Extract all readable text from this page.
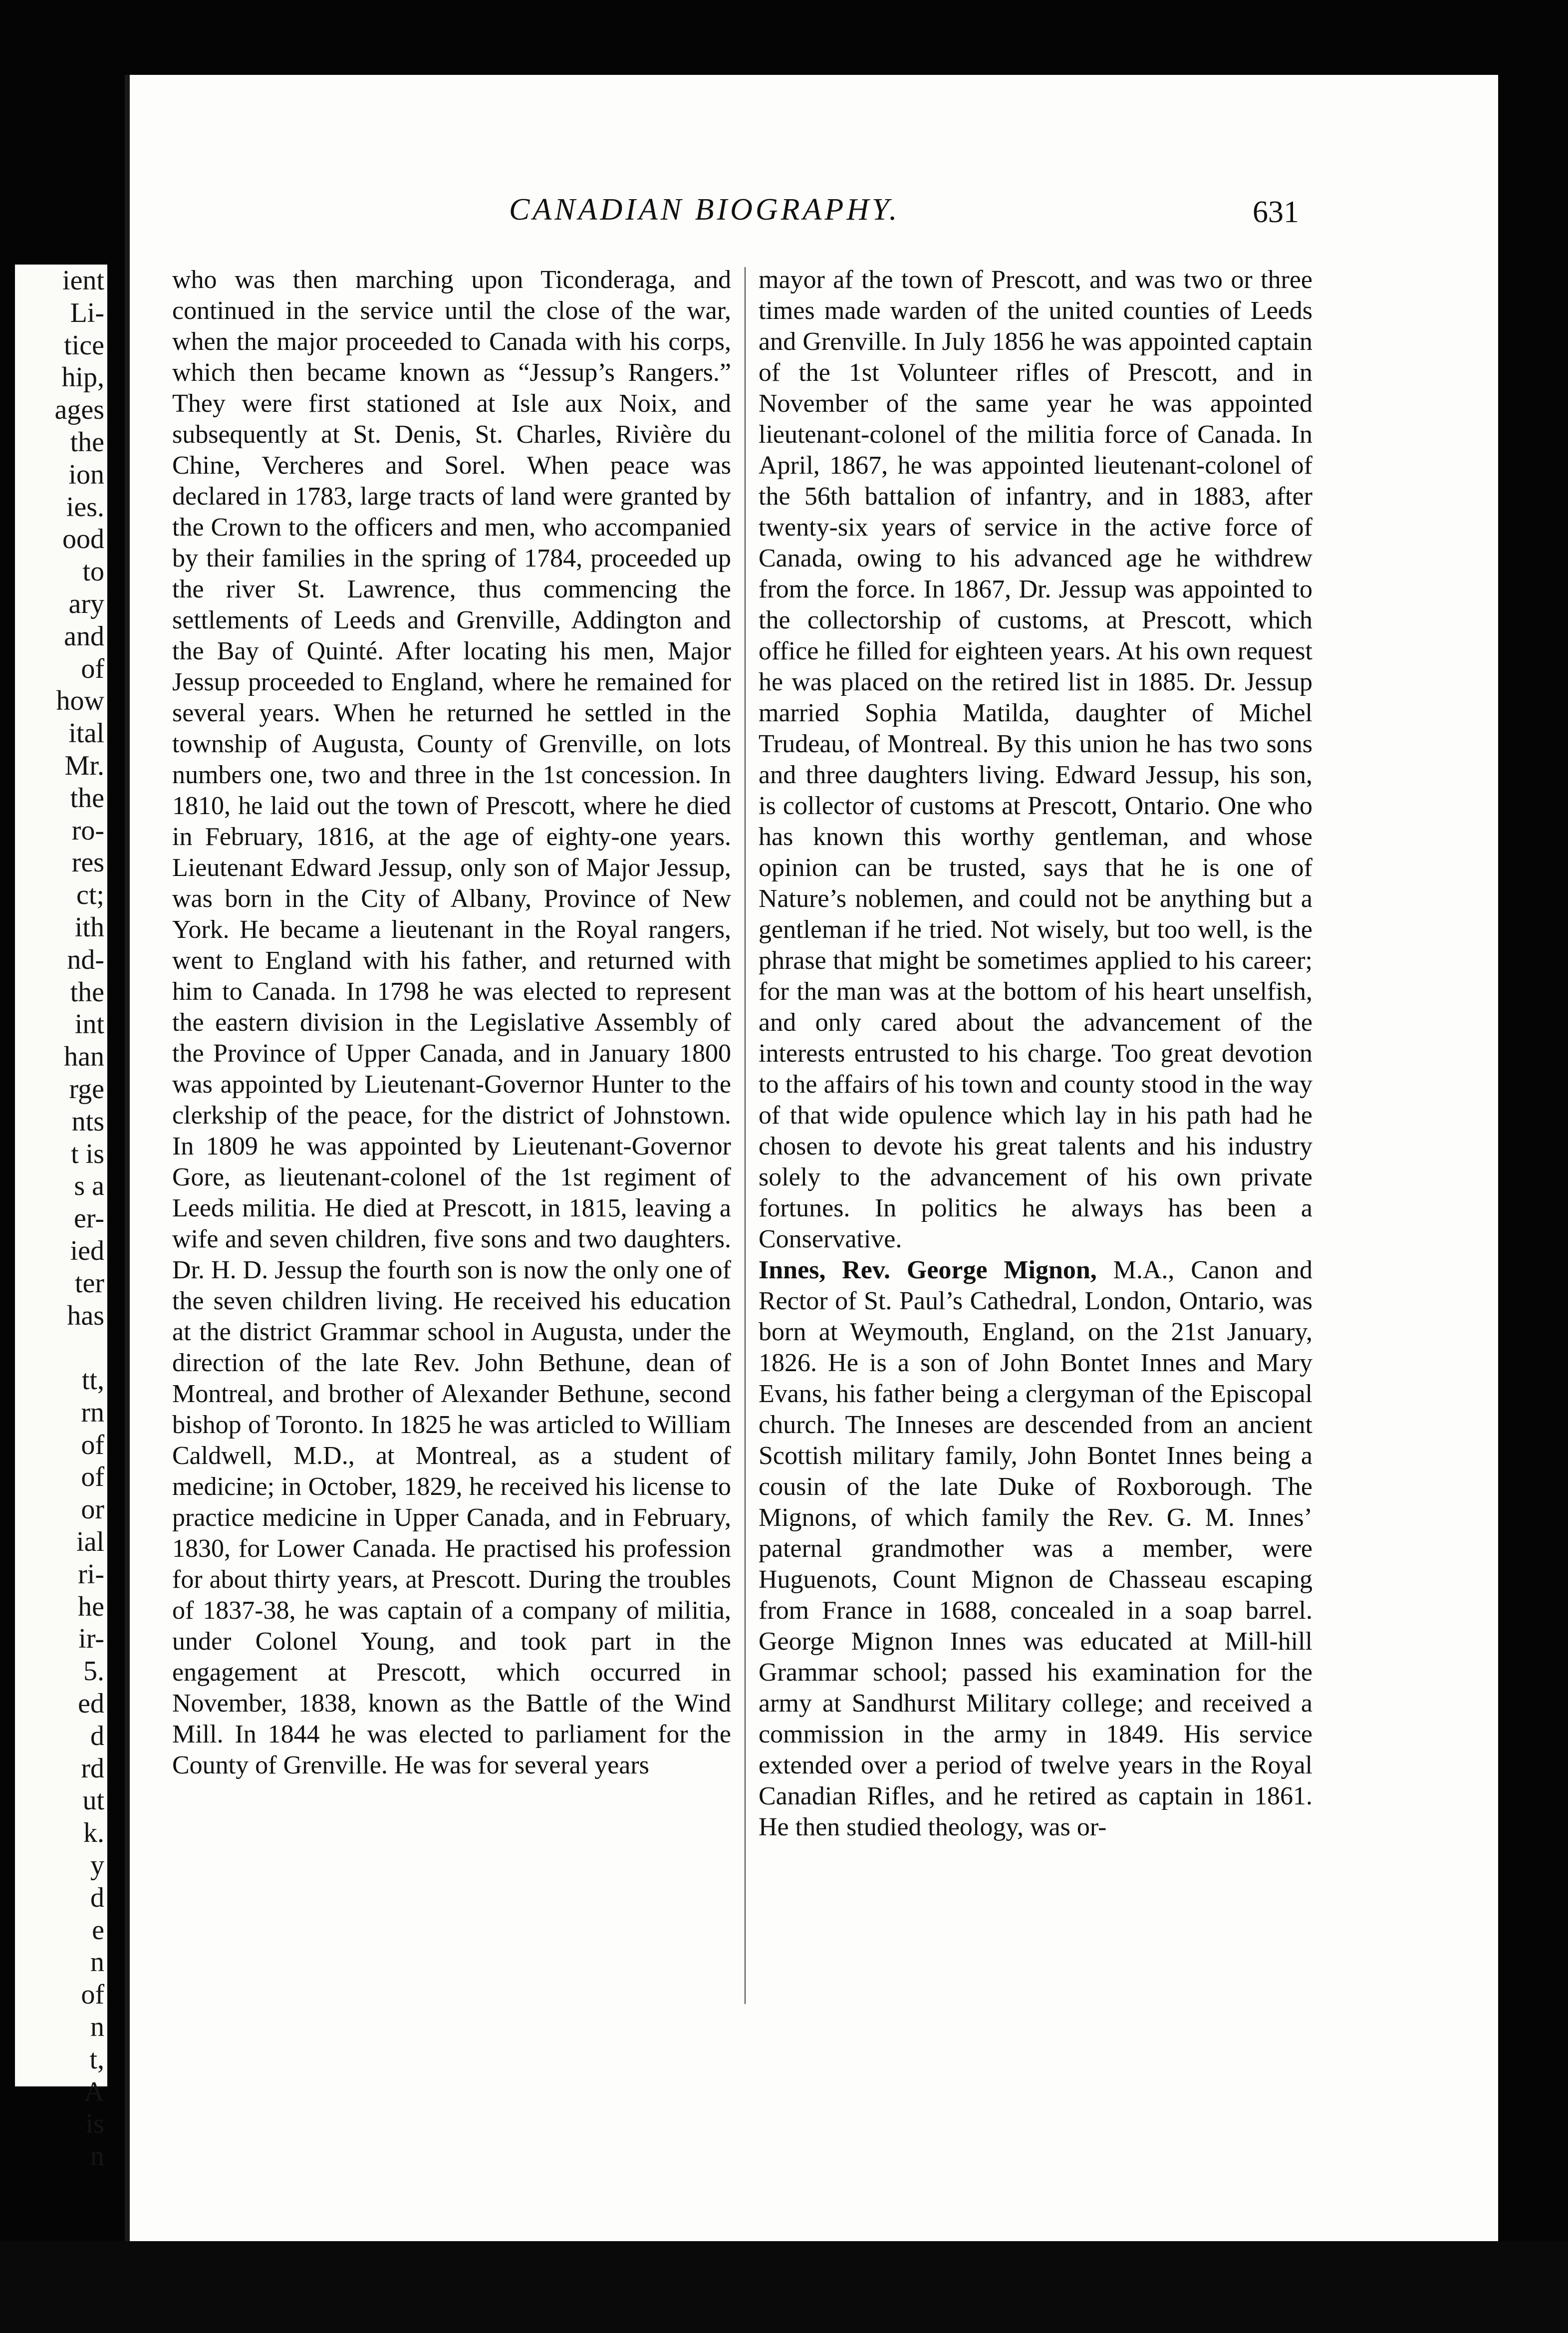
ient
Li-
tice
hip,
ages
the
ion
ies.
ood
to
ary
and
of
how
ital
Mr.
the
ro-
res
ct;
ith
nd-
the
int
han
rge
nts
t is
s a
er-
ied
ter
has
tt,
rn
of
of
or
ial
ri-
he
ir-
5.
ed
d
rd
ut
k.
y
d
e
n
of
n
t,
A
is
n
CANADIAN BIOGRAPHY.	631

who was then marching upon Ticonderaga, and continued in the service until the close of the war, when the major proceeded to Canada with his corps, which then became known as “Jessup’s Rangers.” They were first stationed at Isle aux Noix, and subsequently at St. Denis, St. Charles, Rivière du Chine, Vercheres and Sorel. When peace was declared in 1783, large tracts of land were granted by the Crown to the officers and men, who accompanied by their families in the spring of 1784, proceeded up the river St. Lawrence, thus commencing the settlements of Leeds and Grenville, Addington and the Bay of Quinté. After locating his men, Major Jessup proceeded to England, where he remained for several years. When he returned he settled in the township of Augusta, County of Grenville, on lots numbers one, two and three in the 1st concession. In 1810, he laid out the town of Prescott, where he died in February, 1816, at the age of eighty-one years. Lieutenant Edward Jessup, only son of Major Jessup, was born in the City of Albany, Province of New York. He became a lieutenant in the Royal rangers, went to England with his father, and returned with him to Canada. In 1798 he was elected to represent the eastern division in the Legislative Assembly of the Province of Upper Canada, and in January 1800 was appointed by Lieutenant-Governor Hunter to the clerkship of the peace, for the district of Johnstown. In 1809 he was appointed by Lieutenant-Governor Gore, as lieutenant-colonel of the 1st regiment of Leeds militia. He died at Prescott, in 1815, leaving a wife and seven children, five sons and two daughters. Dr. H. D. Jessup the fourth son is now the only one of the seven children living. He received his education at the district Grammar school in Augusta, under the direction of the late Rev. John Bethune, dean of Montreal, and brother of Alexander Bethune, second bishop of Toronto. In 1825 he was articled to William Caldwell, M.D., at Montreal, as a student of medicine; in October, 1829, he received his license to practice medicine in Upper Canada, and in February, 1830, for Lower Canada. He practised his profession for about thirty years, at Prescott. During the troubles of 1837-38, he was captain of a company of militia, under Colonel Young, and took part in the engagement at Prescott, which occurred in November, 1838, known as the Battle of the Wind Mill. In 1844 he was elected to parliament for the County of Grenville. He was for several years

mayor af the town of Prescott, and was two or three times made warden of the united counties of Leeds and Grenville. In July 1856 he was appointed captain of the 1st Volunteer rifles of Prescott, and in November of the same year he was appointed lieutenant-colonel of the militia force of Canada. In April, 1867, he was appointed lieutenant-colonel of the 56th battalion of infantry, and in 1883, after twenty-six years of service in the active force of Canada, owing to his advanced age he withdrew from the force. In 1867, Dr. Jessup was appointed to the collectorship of customs, at Prescott, which office he filled for eighteen years. At his own request he was placed on the retired list in 1885. Dr. Jessup married Sophia Matilda, daughter of Michel Trudeau, of Montreal. By this union he has two sons and three daughters living. Edward Jessup, his son, is collector of customs at Prescott, Ontario. One who has known this worthy gentleman, and whose opinion can be trusted, says that he is one of Nature’s noblemen, and could not be anything but a gentleman if he tried. Not wisely, but too well, is the phrase that might be sometimes applied to his career; for the man was at the bottom of his heart unselfish, and only cared about the advancement of the interests entrusted to his charge. Too great devotion to the affairs of his town and county stood in the way of that wide opulence which lay in his path had he chosen to devote his great talents and his industry solely to the advancement of his own private fortunes. In politics he always has been a Conservative.

Innes, Rev. George Mignon, M.A., Canon and Rector of St. Paul’s Cathedral, London, Ontario, was born at Weymouth, England, on the 21st January, 1826. He is a son of John Bontet Innes and Mary Evans, his father being a clergyman of the Episcopal church. The Inneses are descended from an ancient Scottish military family, John Bontet Innes being a cousin of the late Duke of Roxborough. The Mignons, of which family the Rev. G. M. Innes’ paternal grandmother was a member, were Huguenots, Count Mignon de Chasseau escaping from France in 1688, concealed in a soap barrel. George Mignon Innes was educated at Mill-hill Grammar school; passed his examination for the army at Sandhurst Military college; and received a commission in the army in 1849. His service extended over a period of twelve years in the Royal Canadian Rifles, and he retired as captain in 1861. He then studied theology, was or-
